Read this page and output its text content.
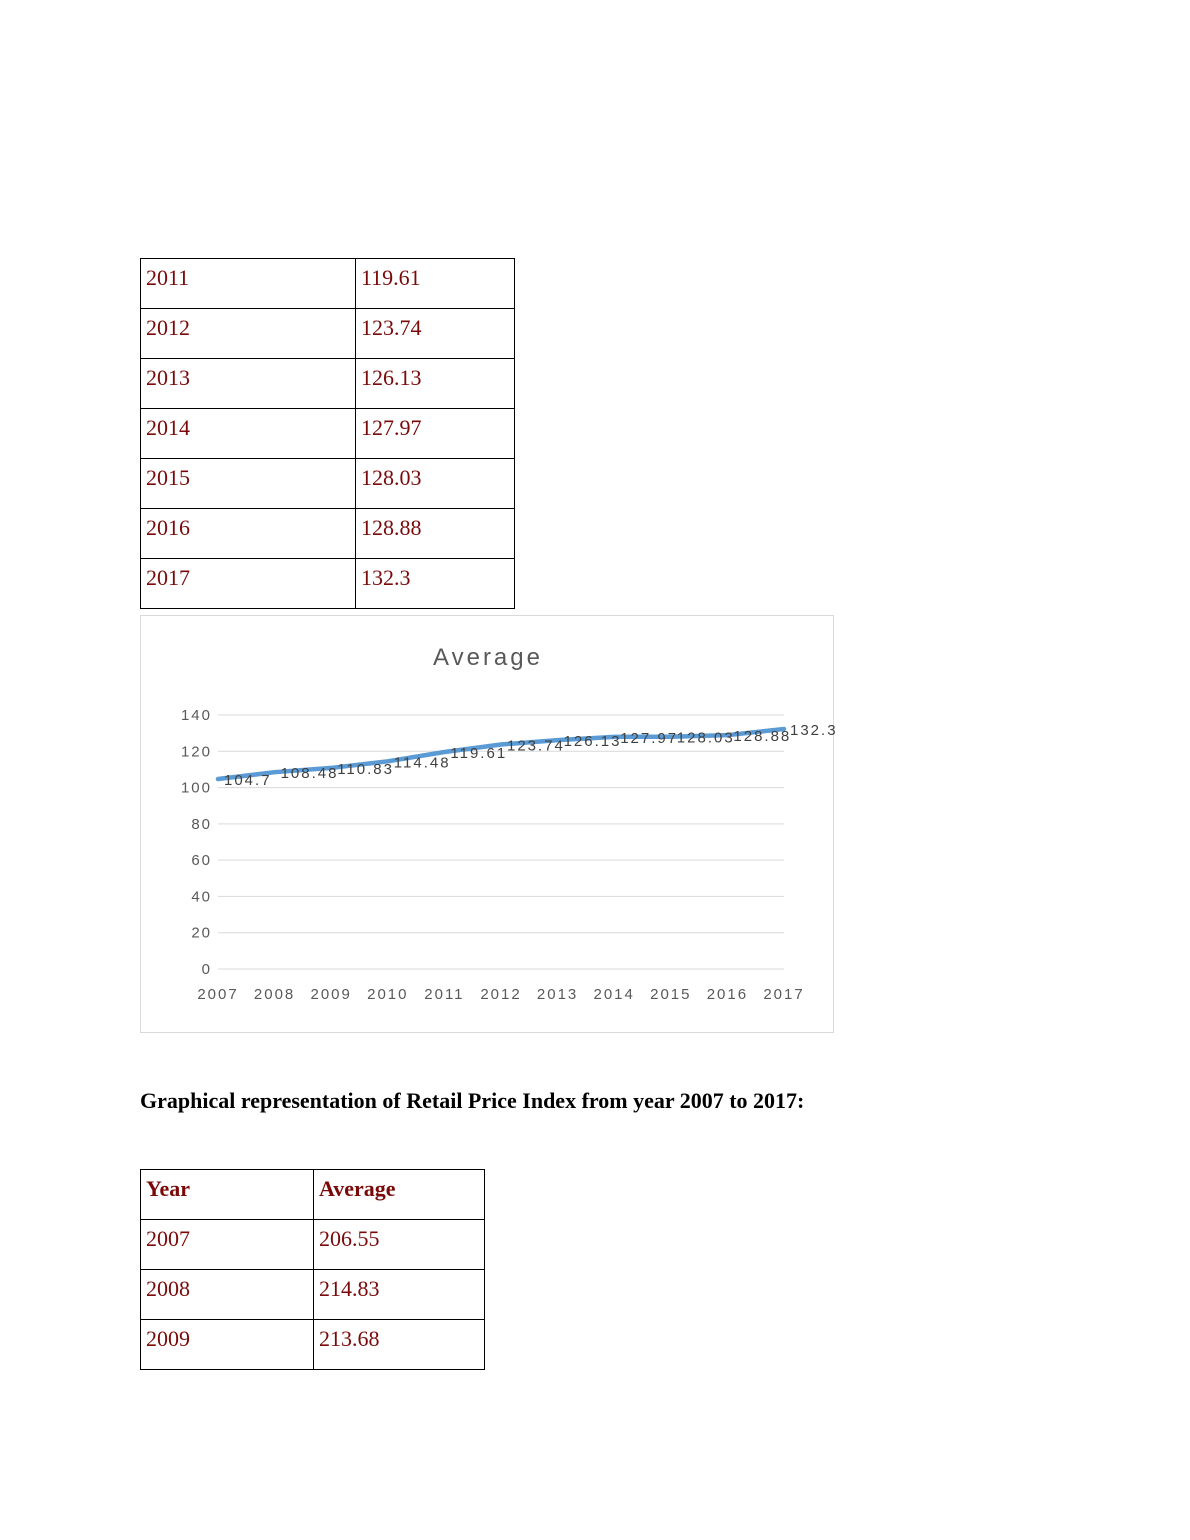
2011	119.61
2012	123.74
2013	126.13
2014	127.97
2015	128.03
2016	128.88
2017	132.3
104.7 108.48
110.83 114.48
119.61 123.74
126.13
127.97
128.03
128.88
132.3
0
20
40
60
80
100
120
140
2007 2008 2009 2010 2011 2012 2013 2014 2015 2016 2017
Average

Graphical representation of Retail Price Index from year 2007 to 2017:

Year	Average
2007	206.55
2008	214.83
2009	213.68
